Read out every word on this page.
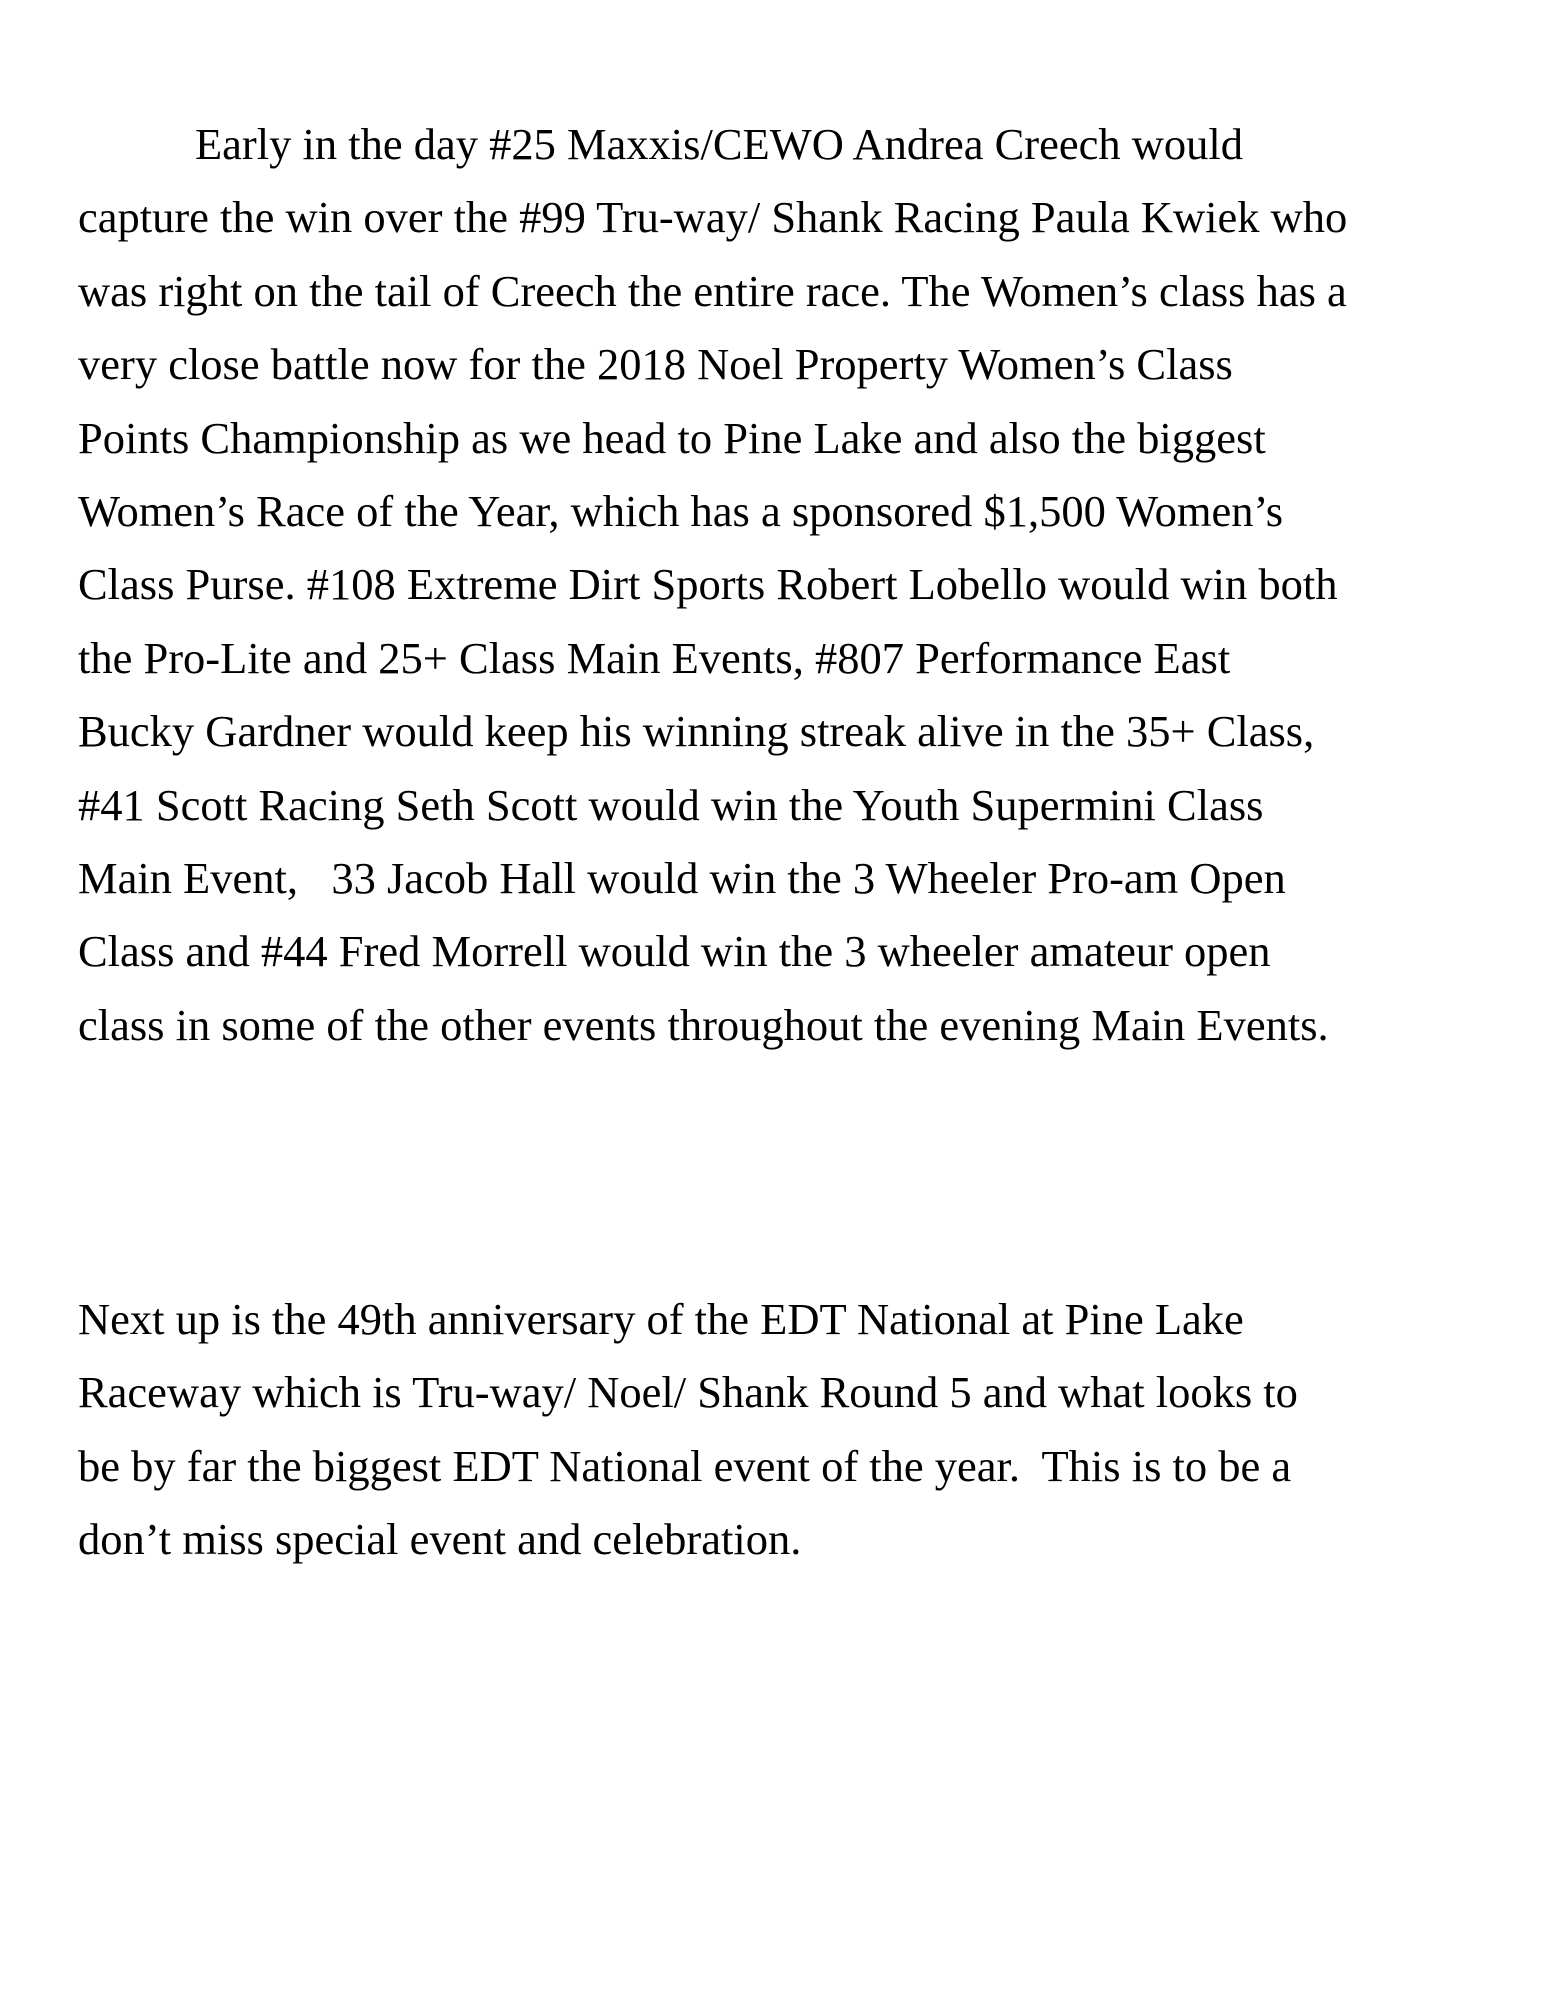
Early in the day #25 Maxxis/CEWO Andrea Creech would
capture the win over the #99 Tru-way/ Shank Racing Paula Kwiek who
was right on the tail of Creech the entire race. The Women’s class has a
very close battle now for the 2018 Noel Property Women’s Class
Points Championship as we head to Pine Lake and also the biggest
Women’s Race of the Year, which has a sponsored $1,500 Women’s
Class Purse. #108 Extreme Dirt Sports Robert Lobello would win both
the Pro-Lite and 25+ Class Main Events, #807 Performance East
Bucky Gardner would keep his winning streak alive in the 35+ Class,
#41 Scott Racing Seth Scott would win the Youth Supermini Class
Main Event,   33 Jacob Hall would win the 3 Wheeler Pro-am Open
Class and #44 Fred Morrell would win the 3 wheeler amateur open
class in some of the other events throughout the evening Main Events.

Next up is the 49th anniversary of the EDT National at Pine Lake
Raceway which is Tru-way/ Noel/ Shank Round 5 and what looks to
be by far the biggest EDT National event of the year.  This is to be a
don’t miss special event and celebration.
